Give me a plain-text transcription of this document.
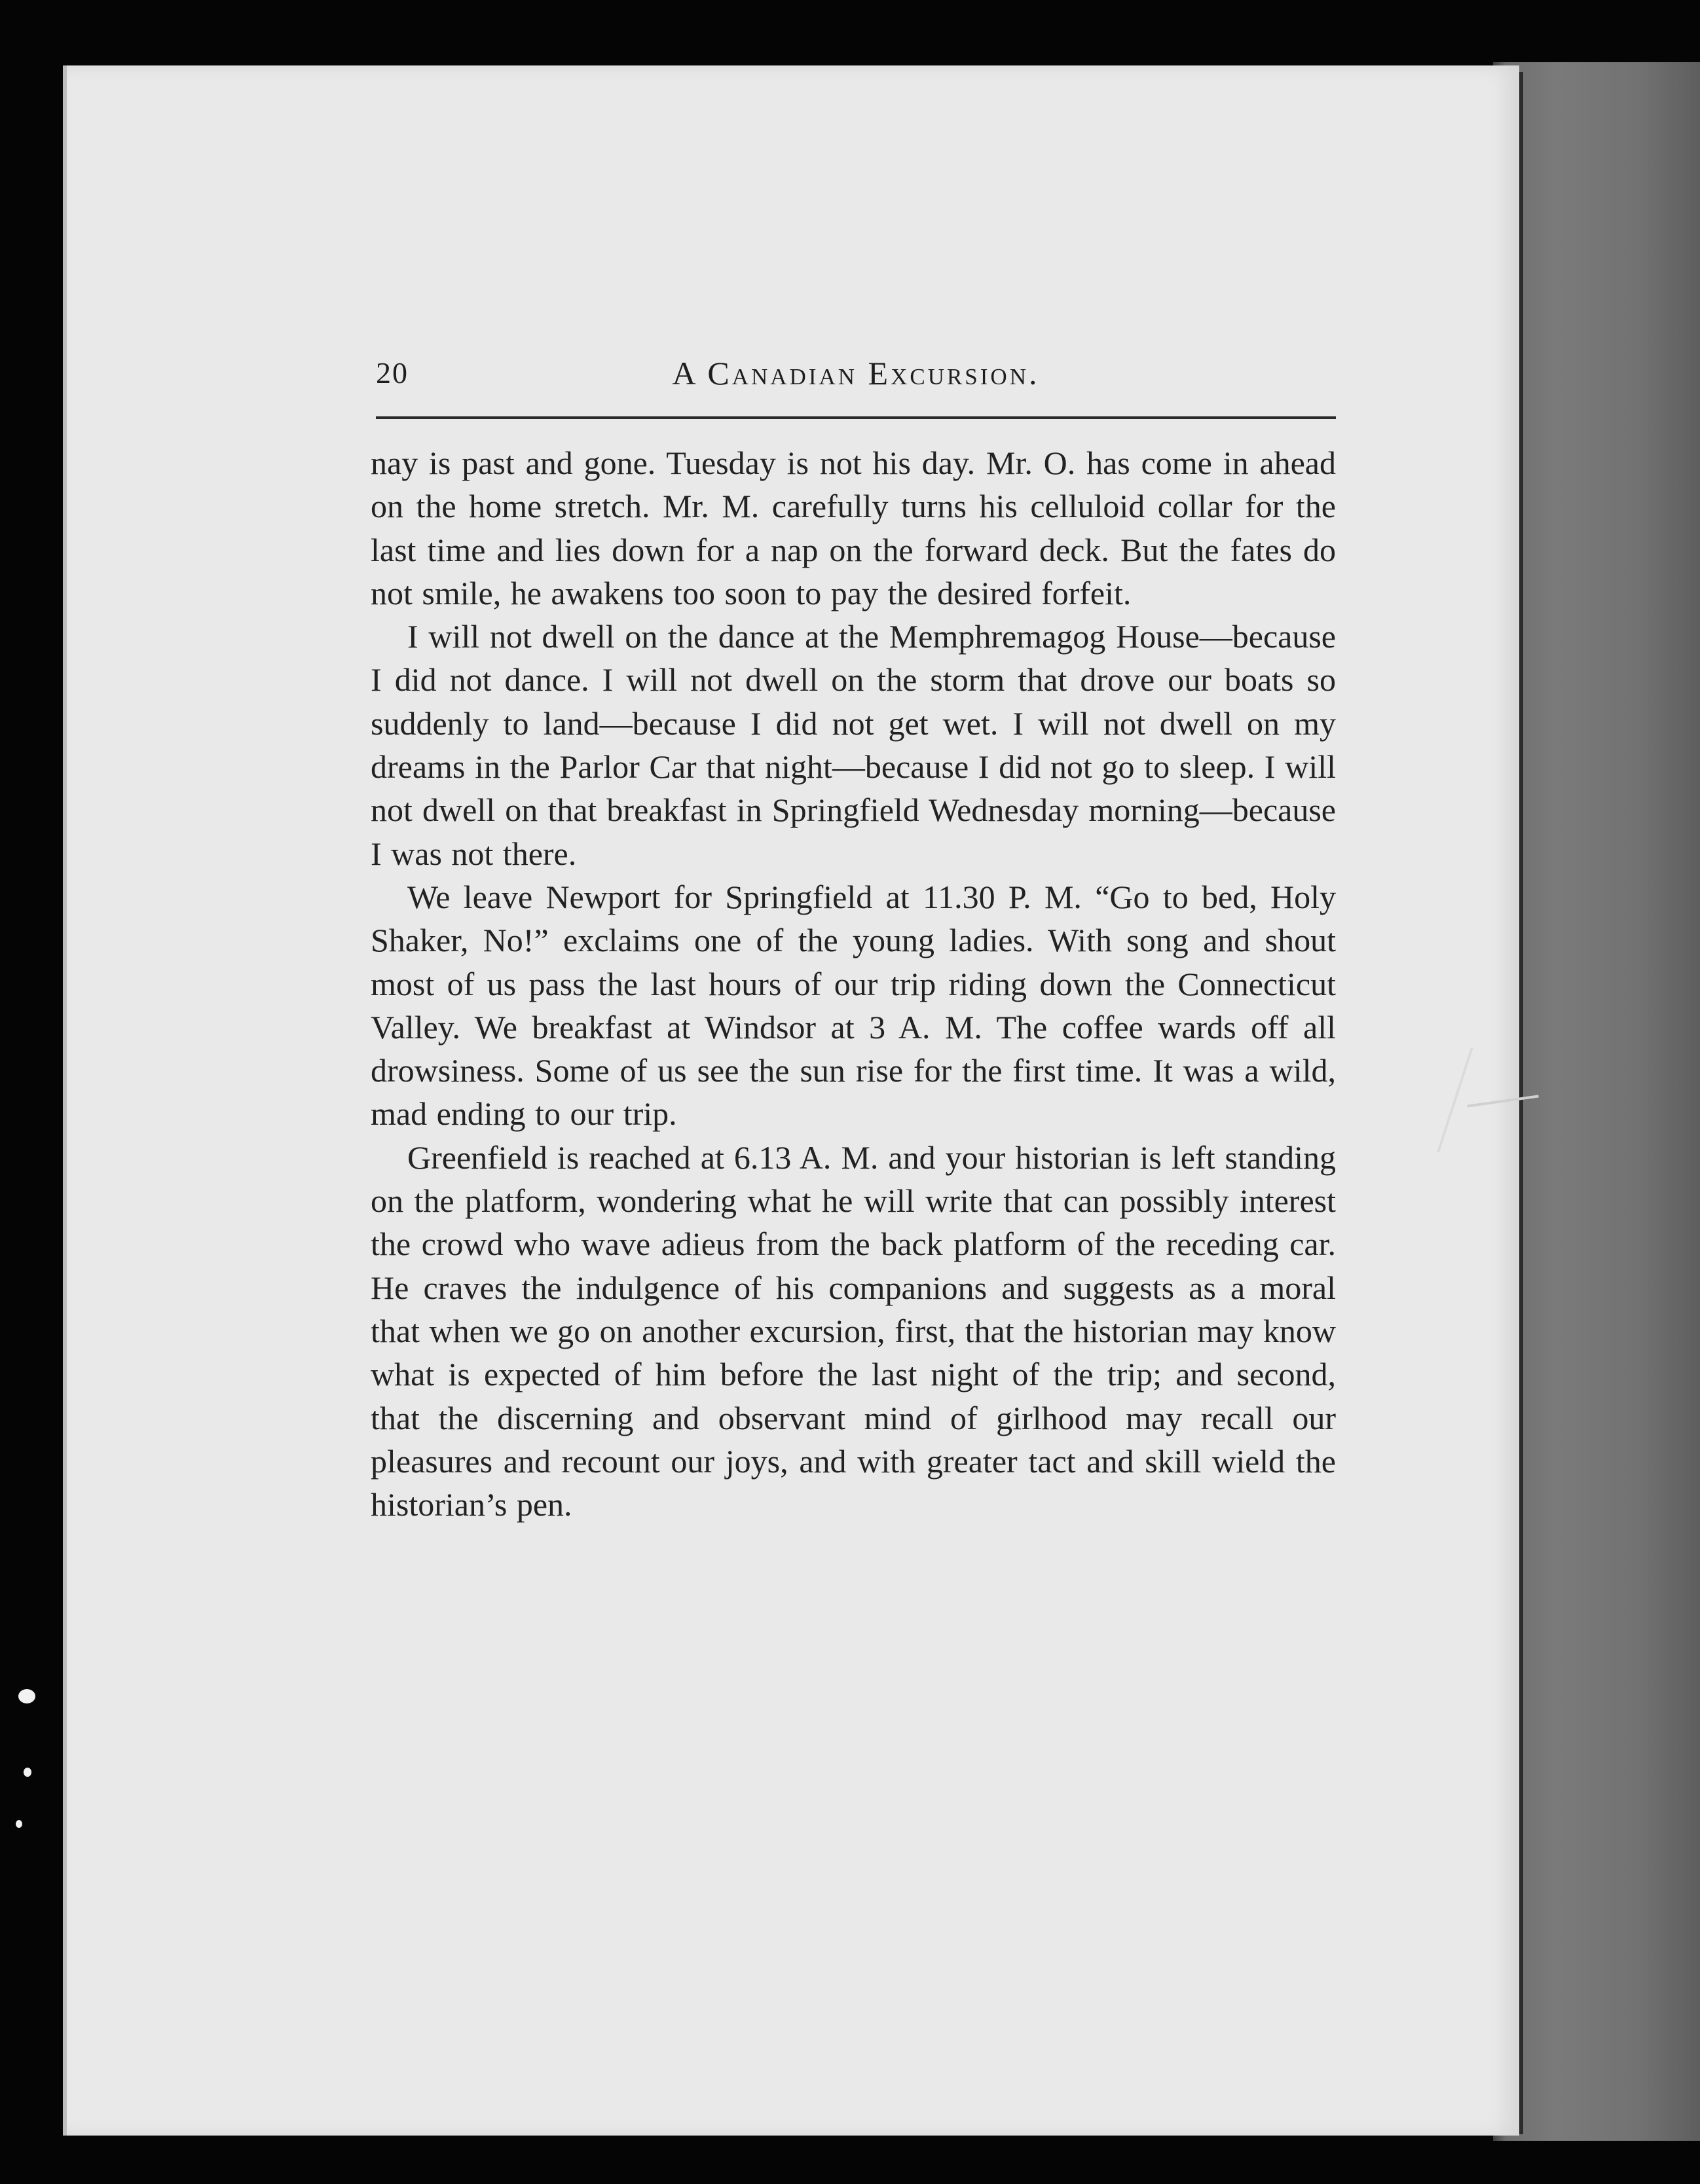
20	A Canadian Excursion.

nay is past and gone. Tuesday is not his day. Mr. O. has come in ahead on the home stretch. Mr. M. carefully turns his celluloid collar for the last time and lies down for a nap on the forward deck. But the fates do not smile, he awakens too soon to pay the desired forfeit.

I will not dwell on the dance at the Memphremagog House—because I did not dance. I will not dwell on the storm that drove our boats so suddenly to land—because I did not get wet. I will not dwell on my dreams in the Parlor Car that night—because I did not go to sleep. I will not dwell on that breakfast in Springfield Wednesday morning—because I was not there.

We leave Newport for Springfield at 11.30 P. M. “Go to bed, Holy Shaker, No!” exclaims one of the young ladies. With song and shout most of us pass the last hours of our trip riding down the Connecticut Valley. We breakfast at Windsor at 3 A. M. The coffee wards off all drowsiness. Some of us see the sun rise for the first time. It was a wild, mad ending to our trip.

Greenfield is reached at 6.13 A. M. and your historian is left standing on the platform, wondering what he will write that can possibly interest the crowd who wave adieus from the back platform of the receding car. He craves the indulgence of his companions and suggests as a moral that when we go on another excursion, first, that the historian may know what is expected of him before the last night of the trip; and second, that the discerning and observant mind of girlhood may recall our pleasures and recount our joys, and with greater tact and skill wield the historian’s pen.
